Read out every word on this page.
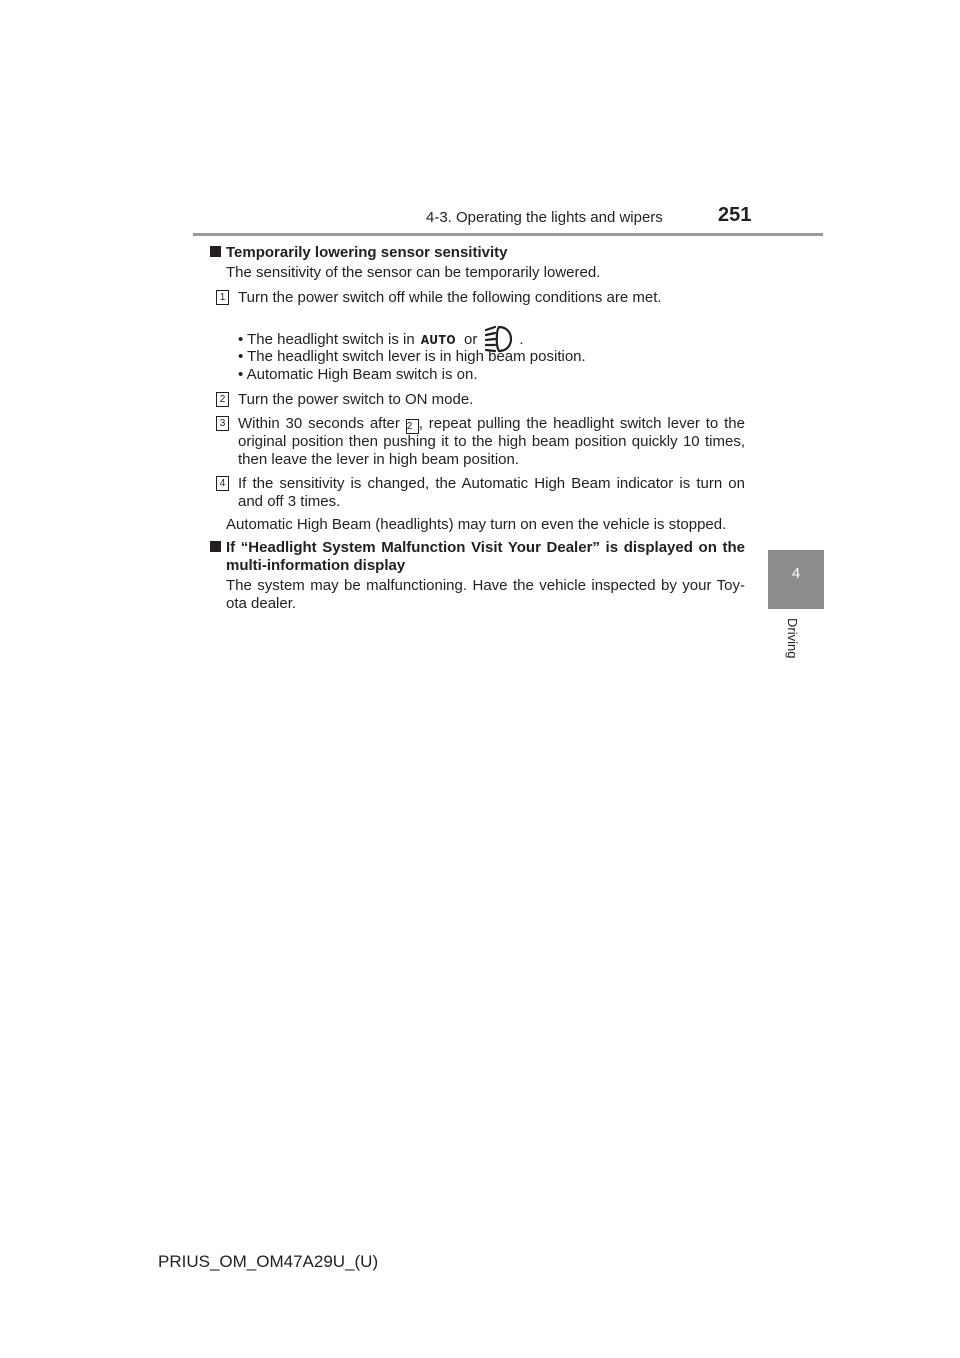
4-3. Operating the lights and wipers	251
4
Driving
Temporarily lowering sensor sensitivity
The sensitivity of the sensor can be temporarily lowered.
1 Turn the power switch off while the following conditions are met.
• The headlight switch is in AUTO or	.
• The headlight switch lever is in high beam position.
• Automatic High Beam switch is on.
2 Turn the power switch to ON mode.
3 Within 30 seconds after 2 , repeat pulling the headlight switch lever to the
original position then pushing it to the high beam position quickly 10 times,
then leave the lever in high beam position.
4 If the sensitivity is changed, the Automatic High Beam indicator is turn on
and off 3 times.
Automatic High Beam (headlights) may turn on even the vehicle is stopped.
If “Headlight System Malfunction Visit Your Dealer” is displayed on the
multi-information display
The system may be malfunctioning. Have the vehicle inspected by your Toy-
ota dealer.
PRIUS_OM_OM47A29U_(U)
